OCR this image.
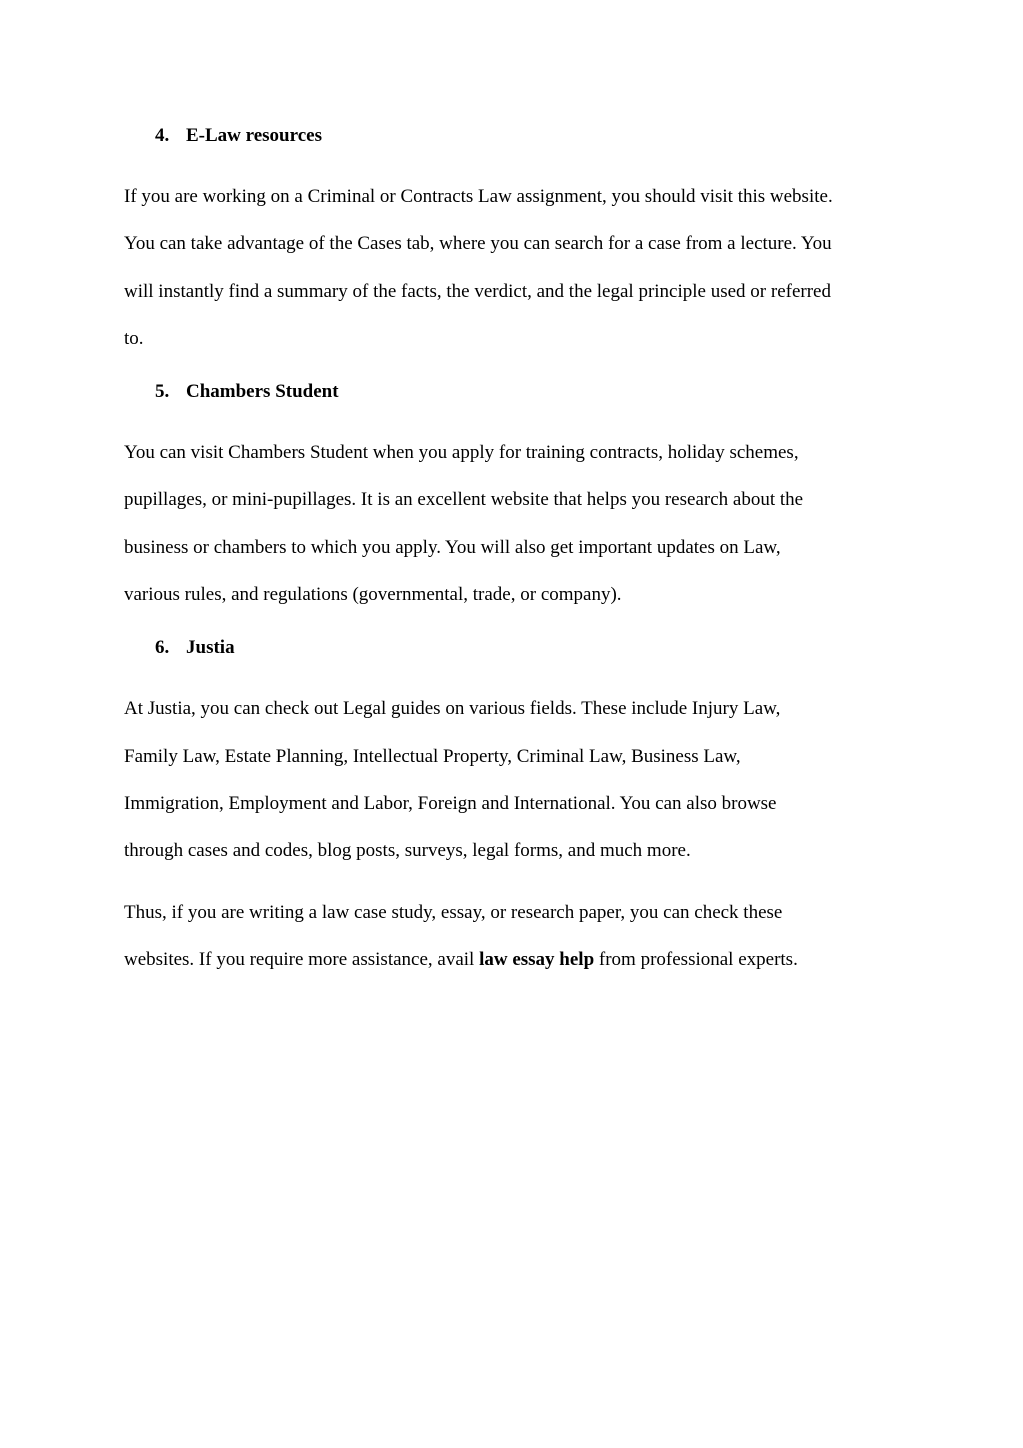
4. E-Law resources

If you are working on a Criminal or Contracts Law assignment, you should visit this website.

You can take advantage of the Cases tab, where you can search for a case from a lecture. You

will instantly find a summary of the facts, the verdict, and the legal principle used or referred

to.

5. Chambers Student

You can visit Chambers Student when you apply for training contracts, holiday schemes,

pupillages, or mini-pupillages. It is an excellent website that helps you research about the

business or chambers to which you apply. You will also get important updates on Law,

various rules, and regulations (governmental, trade, or company).

6. Justia

At Justia, you can check out Legal guides on various fields. These include Injury Law,

Family Law, Estate Planning, Intellectual Property, Criminal Law, Business Law,

Immigration, Employment and Labor, Foreign and International. You can also browse

through cases and codes, blog posts, surveys, legal forms, and much more.

Thus, if you are writing a law case study, essay, or research paper, you can check these

websites. If you require more assistance, avail law essay help from professional experts.
